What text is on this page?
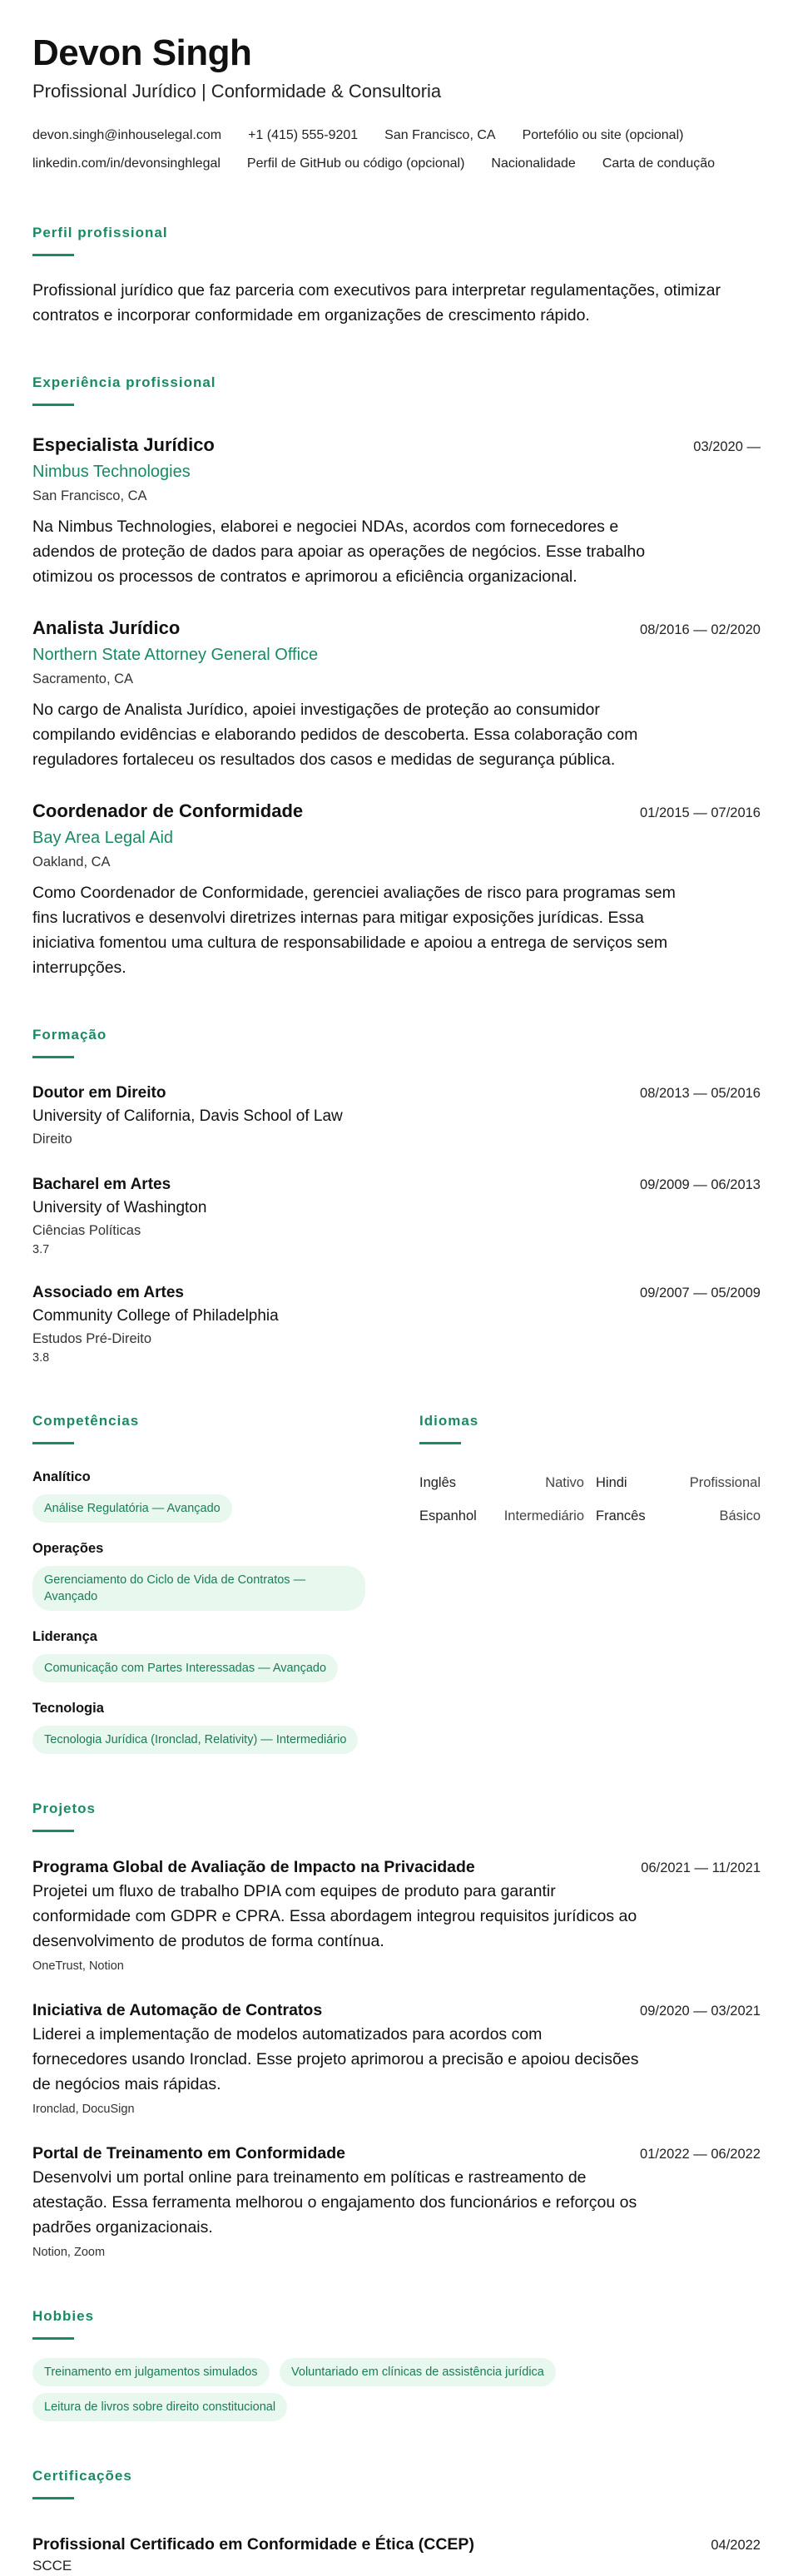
Devon Singh
Profissional Jurídico | Conformidade & Consultoria
devon.singh@inhouselegal.com +1 (415) 555-9201 San Francisco, CA Portefólio ou site (opcional)
linkedin.com/in/devonsinghlegal Perfil de GitHub ou código (opcional) Nacionalidade Carta de condução
Perfil profissional
Profissional jurídico que faz parceria com executivos para interpretar regulamentações, otimizar contratos e incorporar conformidade em organizações de crescimento rápido.
Experiência profissional
Especialista Jurídico	03/2020 —
Nimbus Technologies
San Francisco, CA
Na Nimbus Technologies, elaborei e negociei NDAs, acordos com fornecedores e adendos de proteção de dados para apoiar as operações de negócios. Esse trabalho otimizou os processos de contratos e aprimorou a eficiência organizacional.
Analista Jurídico	08/2016 — 02/2020
Northern State Attorney General Office
Sacramento, CA
No cargo de Analista Jurídico, apoiei investigações de proteção ao consumidor compilando evidências e elaborando pedidos de descoberta. Essa colaboração com reguladores fortaleceu os resultados dos casos e medidas de segurança pública.
Coordenador de Conformidade	01/2015 — 07/2016
Bay Area Legal Aid
Oakland, CA
Como Coordenador de Conformidade, gerenciei avaliações de risco para programas sem fins lucrativos e desenvolvi diretrizes internas para mitigar exposições jurídicas. Essa iniciativa fomentou uma cultura de responsabilidade e apoiou a entrega de serviços sem interrupções.
Formação
Doutor em Direito	08/2013 — 05/2016
University of California, Davis School of Law
Direito
Bacharel em Artes	09/2009 — 06/2013
University of Washington
Ciências Políticas
3.7
Associado em Artes	09/2007 — 05/2009
Community College of Philadelphia
Estudos Pré-Direito
3.8
Competências
Analítico
Análise Regulatória — Avançado
Operações
Gerenciamento do Ciclo de Vida de Contratos — Avançado
Liderança
Comunicação com Partes Interessadas — Avançado
Tecnologia
Tecnologia Jurídica (Ironclad, Relativity) — Intermediário
Idiomas
Inglês	Nativo Hindi	Profissional
Espanhol Intermediário Francês	Básico
Projetos
Programa Global de Avaliação de Impacto na Privacidade	06/2021 — 11/2021
Projetei um fluxo de trabalho DPIA com equipes de produto para garantir conformidade com GDPR e CPRA. Essa abordagem integrou requisitos jurídicos ao desenvolvimento de produtos de forma contínua.
OneTrust, Notion
Iniciativa de Automação de Contratos	09/2020 — 03/2021
Liderei a implementação de modelos automatizados para acordos com fornecedores usando Ironclad. Esse projeto aprimorou a precisão e apoiou decisões de negócios mais rápidas.
Ironclad, DocuSign
Portal de Treinamento em Conformidade	01/2022 — 06/2022
Desenvolvi um portal online para treinamento em políticas e rastreamento de atestação. Essa ferramenta melhorou o engajamento dos funcionários e reforçou os padrões organizacionais.
Notion, Zoom
Hobbies
Treinamento em julgamentos simulados	Voluntariado em clínicas de assistência jurídica Leitura de livros sobre direito constitucional
Certificações
Profissional Certificado em Conformidade e Ética (CCEP)	04/2022
SCCE
